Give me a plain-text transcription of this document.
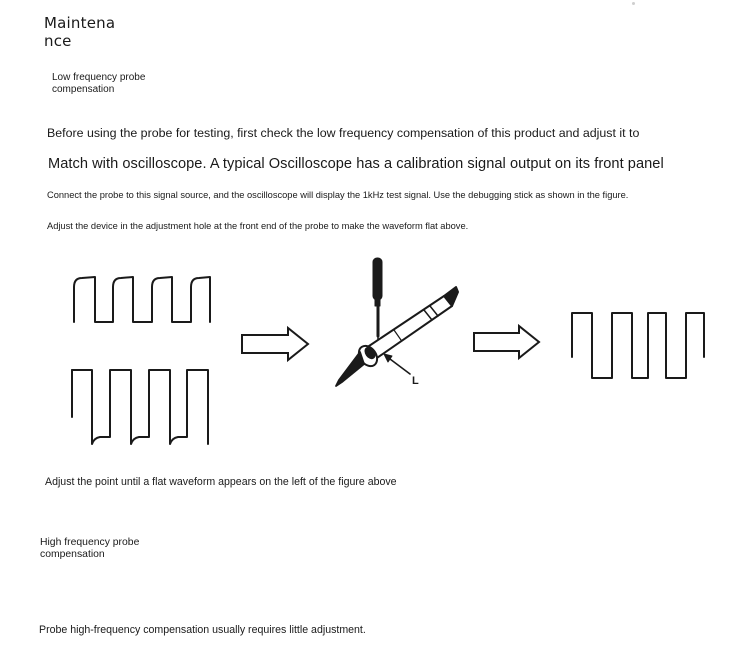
Maintenance
Low frequency probe compensation
Before using the probe for testing, first check the low frequency compensation of this product and adjust it to
Match with oscilloscope. A typical Oscilloscope has a calibration signal output on its front panel
Connect the probe to this signal source, and the oscilloscope will display the 1kHz test signal. Use the debugging stick as shown in the figure.
Adjust the device in the adjustment hole at the front end of the probe to make the waveform flat above.
L
Adjust the point until a flat waveform appears on the left of the figure above
High frequency probe compensation
Probe high-frequency compensation usually requires little adjustment.
